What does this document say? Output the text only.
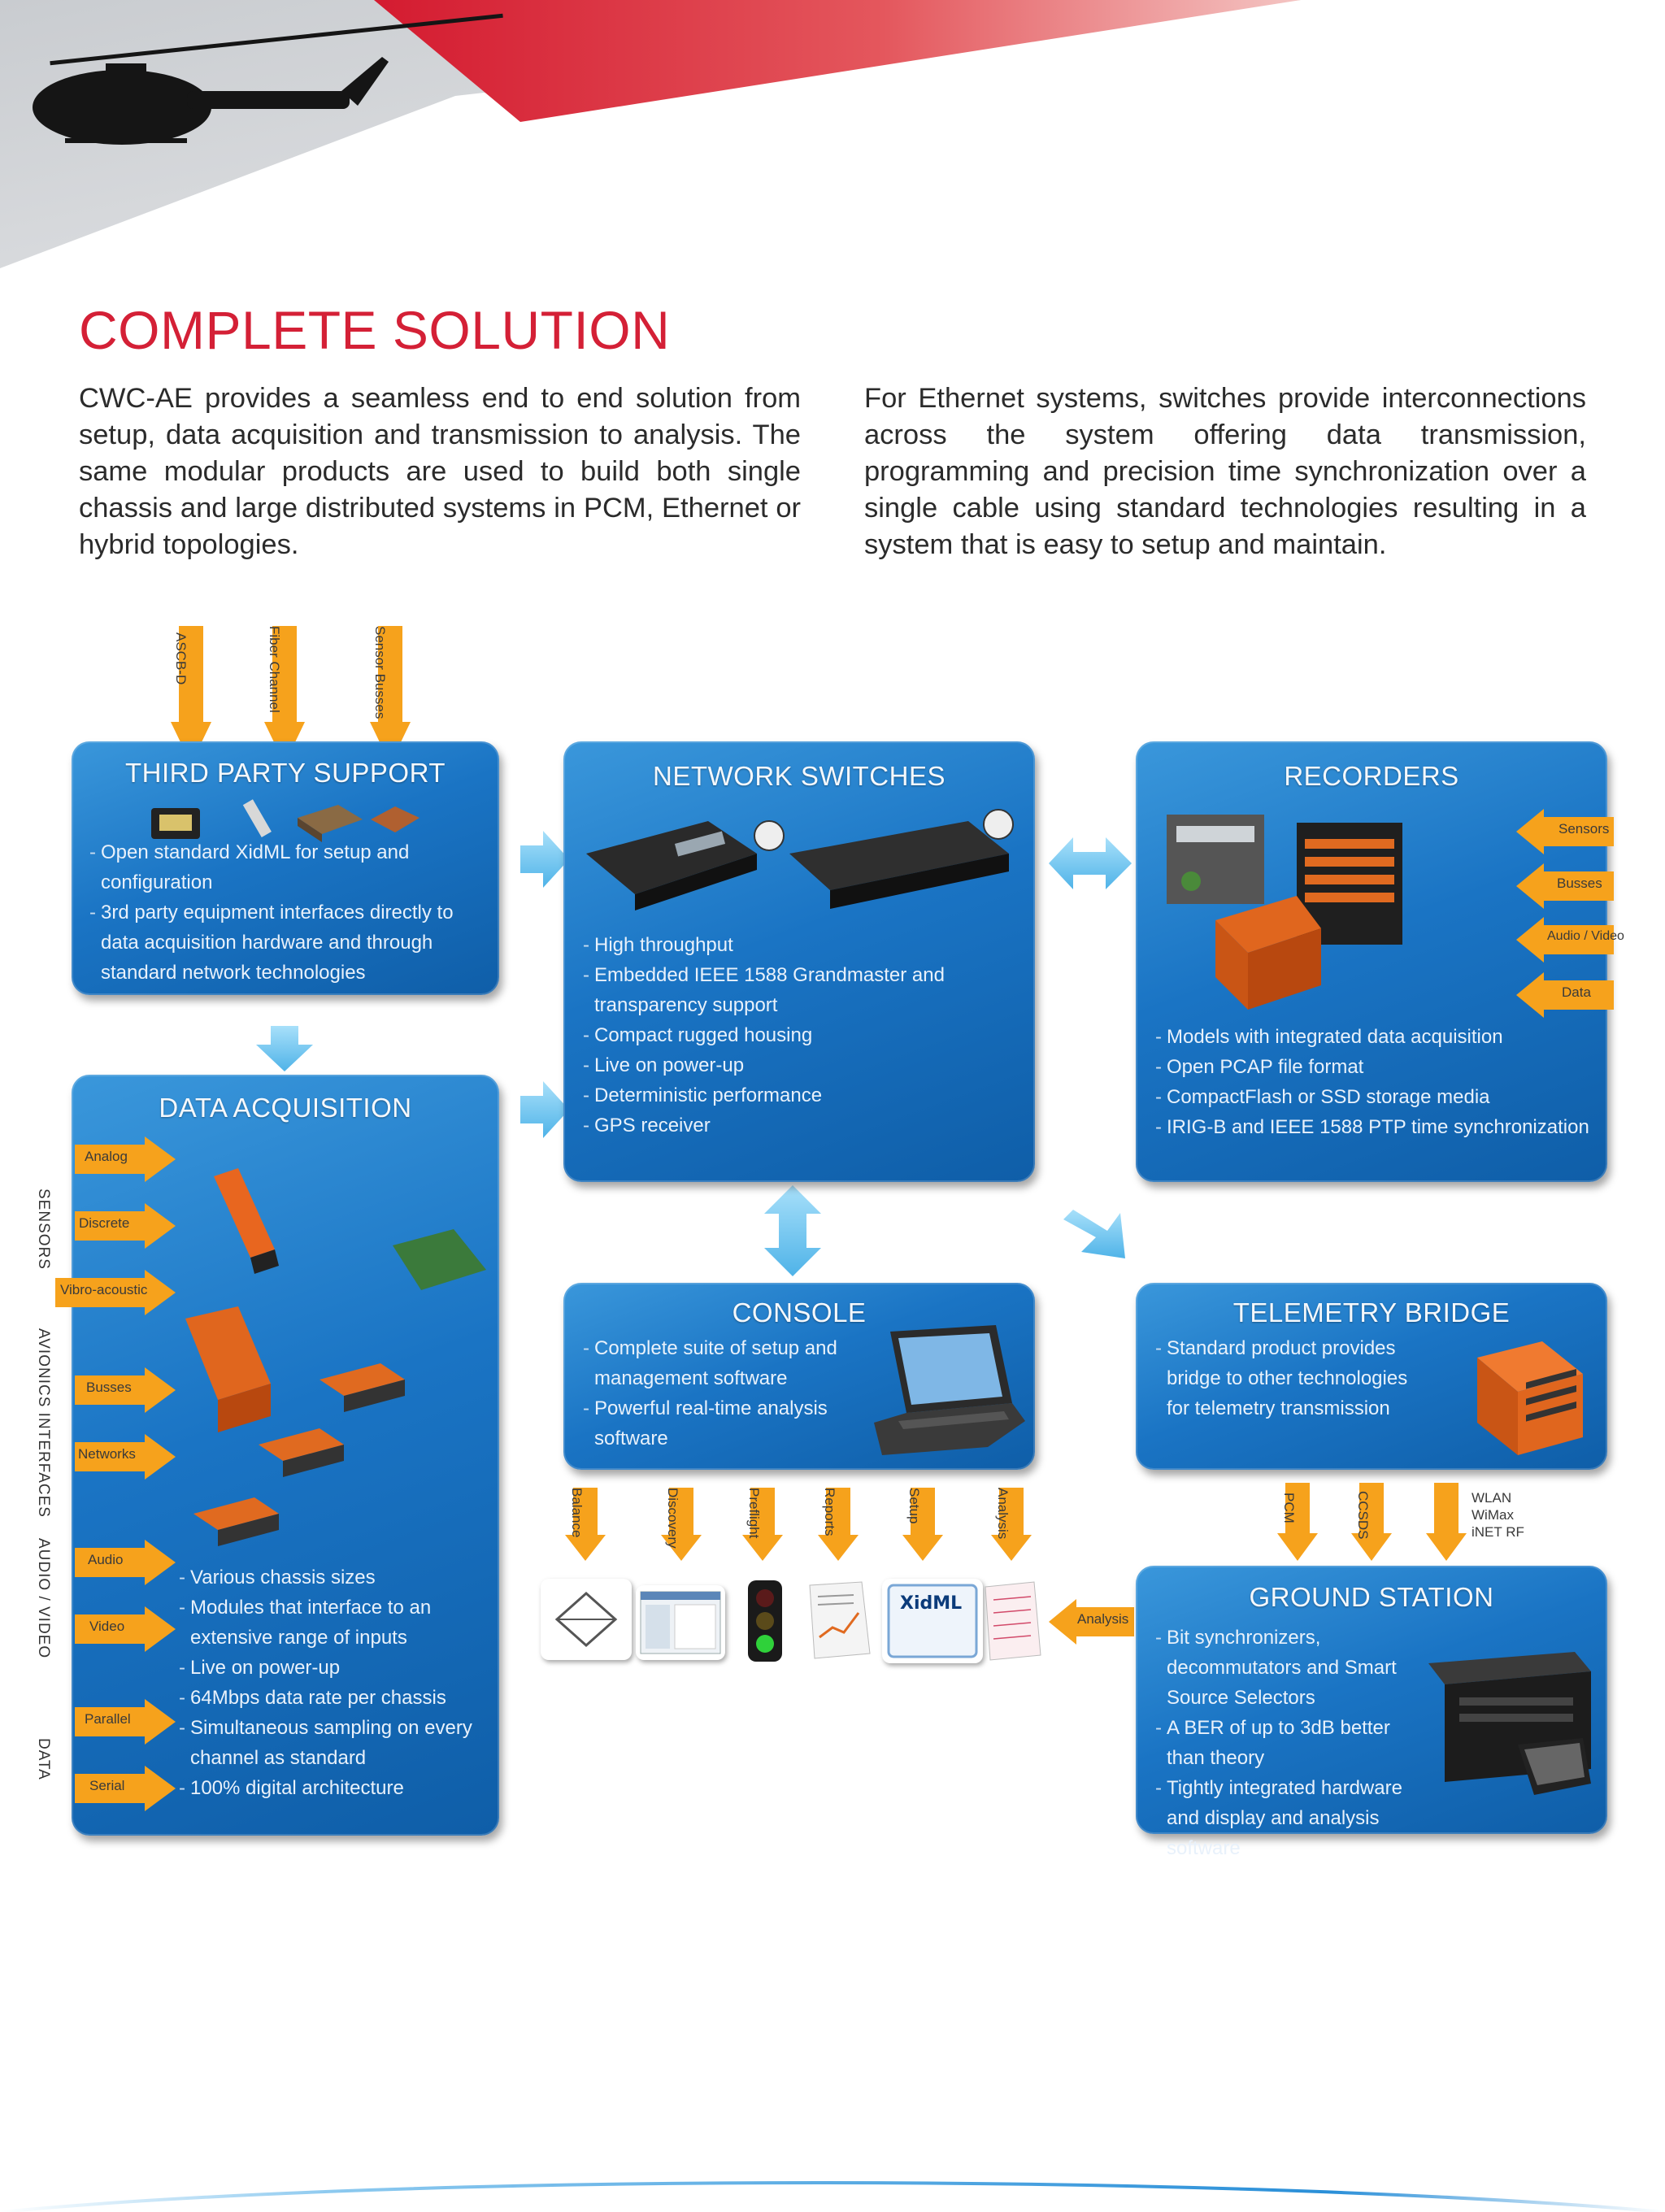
COMPLETE SOLUTION

CWC-AE provides a seamless end to end solution from setup, data acquisition and transmission to analysis. The same modular products are used to build both single chassis and large distributed systems in PCM, Ethernet or hybrid topologies.

For Ethernet systems, switches provide interconnections across the system offering data transmission, programming and precision time synchronization over a single cable using standard technologies resulting in a system that is easy to setup and maintain.

ASCB-D	Fiber Channel	Sensor Busses
THIRD PARTY SUPPORT
- Open standard XidML for setup and configuration
- 3rd party equipment interfaces directly to data acquisition hardware and through standard network technologies
NETWORK SWITCHES
- High throughput
- Embedded IEEE 1588 Grandmaster and transparency support
- Compact rugged housing
- Live on power-up
- Deterministic performance
- GPS receiver
RECORDERS
- Models with integrated data acquisition
- Open PCAP file format
- CompactFlash or SSD storage media
- IRIG-B and IEEE 1588 PTP time synchronization
Sensors
Busses
Audio / Video
Data
DATA ACQUISITION
- Various chassis sizes
- Modules that interface to an extensive range of inputs
- Live on power-up
- 64Mbps data rate per chassis
- Simultaneous sampling on every channel as standard
- 100% digital architecture
Analog
Discrete
Vibro-acoustic
Busses
Networks
Audio
Video
Parallel
Serial
SENSORS
AVIONICS INTERFACES
AUDIO / VIDEO
DATA
CONSOLE
- Complete suite of setup and management software
- Powerful real-time analysis software
Balance	Discovery	Preflight	Reports	Setup	Analysis
XidML
Analysis
TELEMETRY BRIDGE
- Standard product provides bridge to other technologies for telemetry transmission
PCM	CCSDS	WLAN
WiMax
iNET RF
GROUND STATION
- Bit synchronizers, decommutators and Smart Source Selectors
- A BER of up to 3dB better than theory
- Tightly integrated hardware and display and analysis software
